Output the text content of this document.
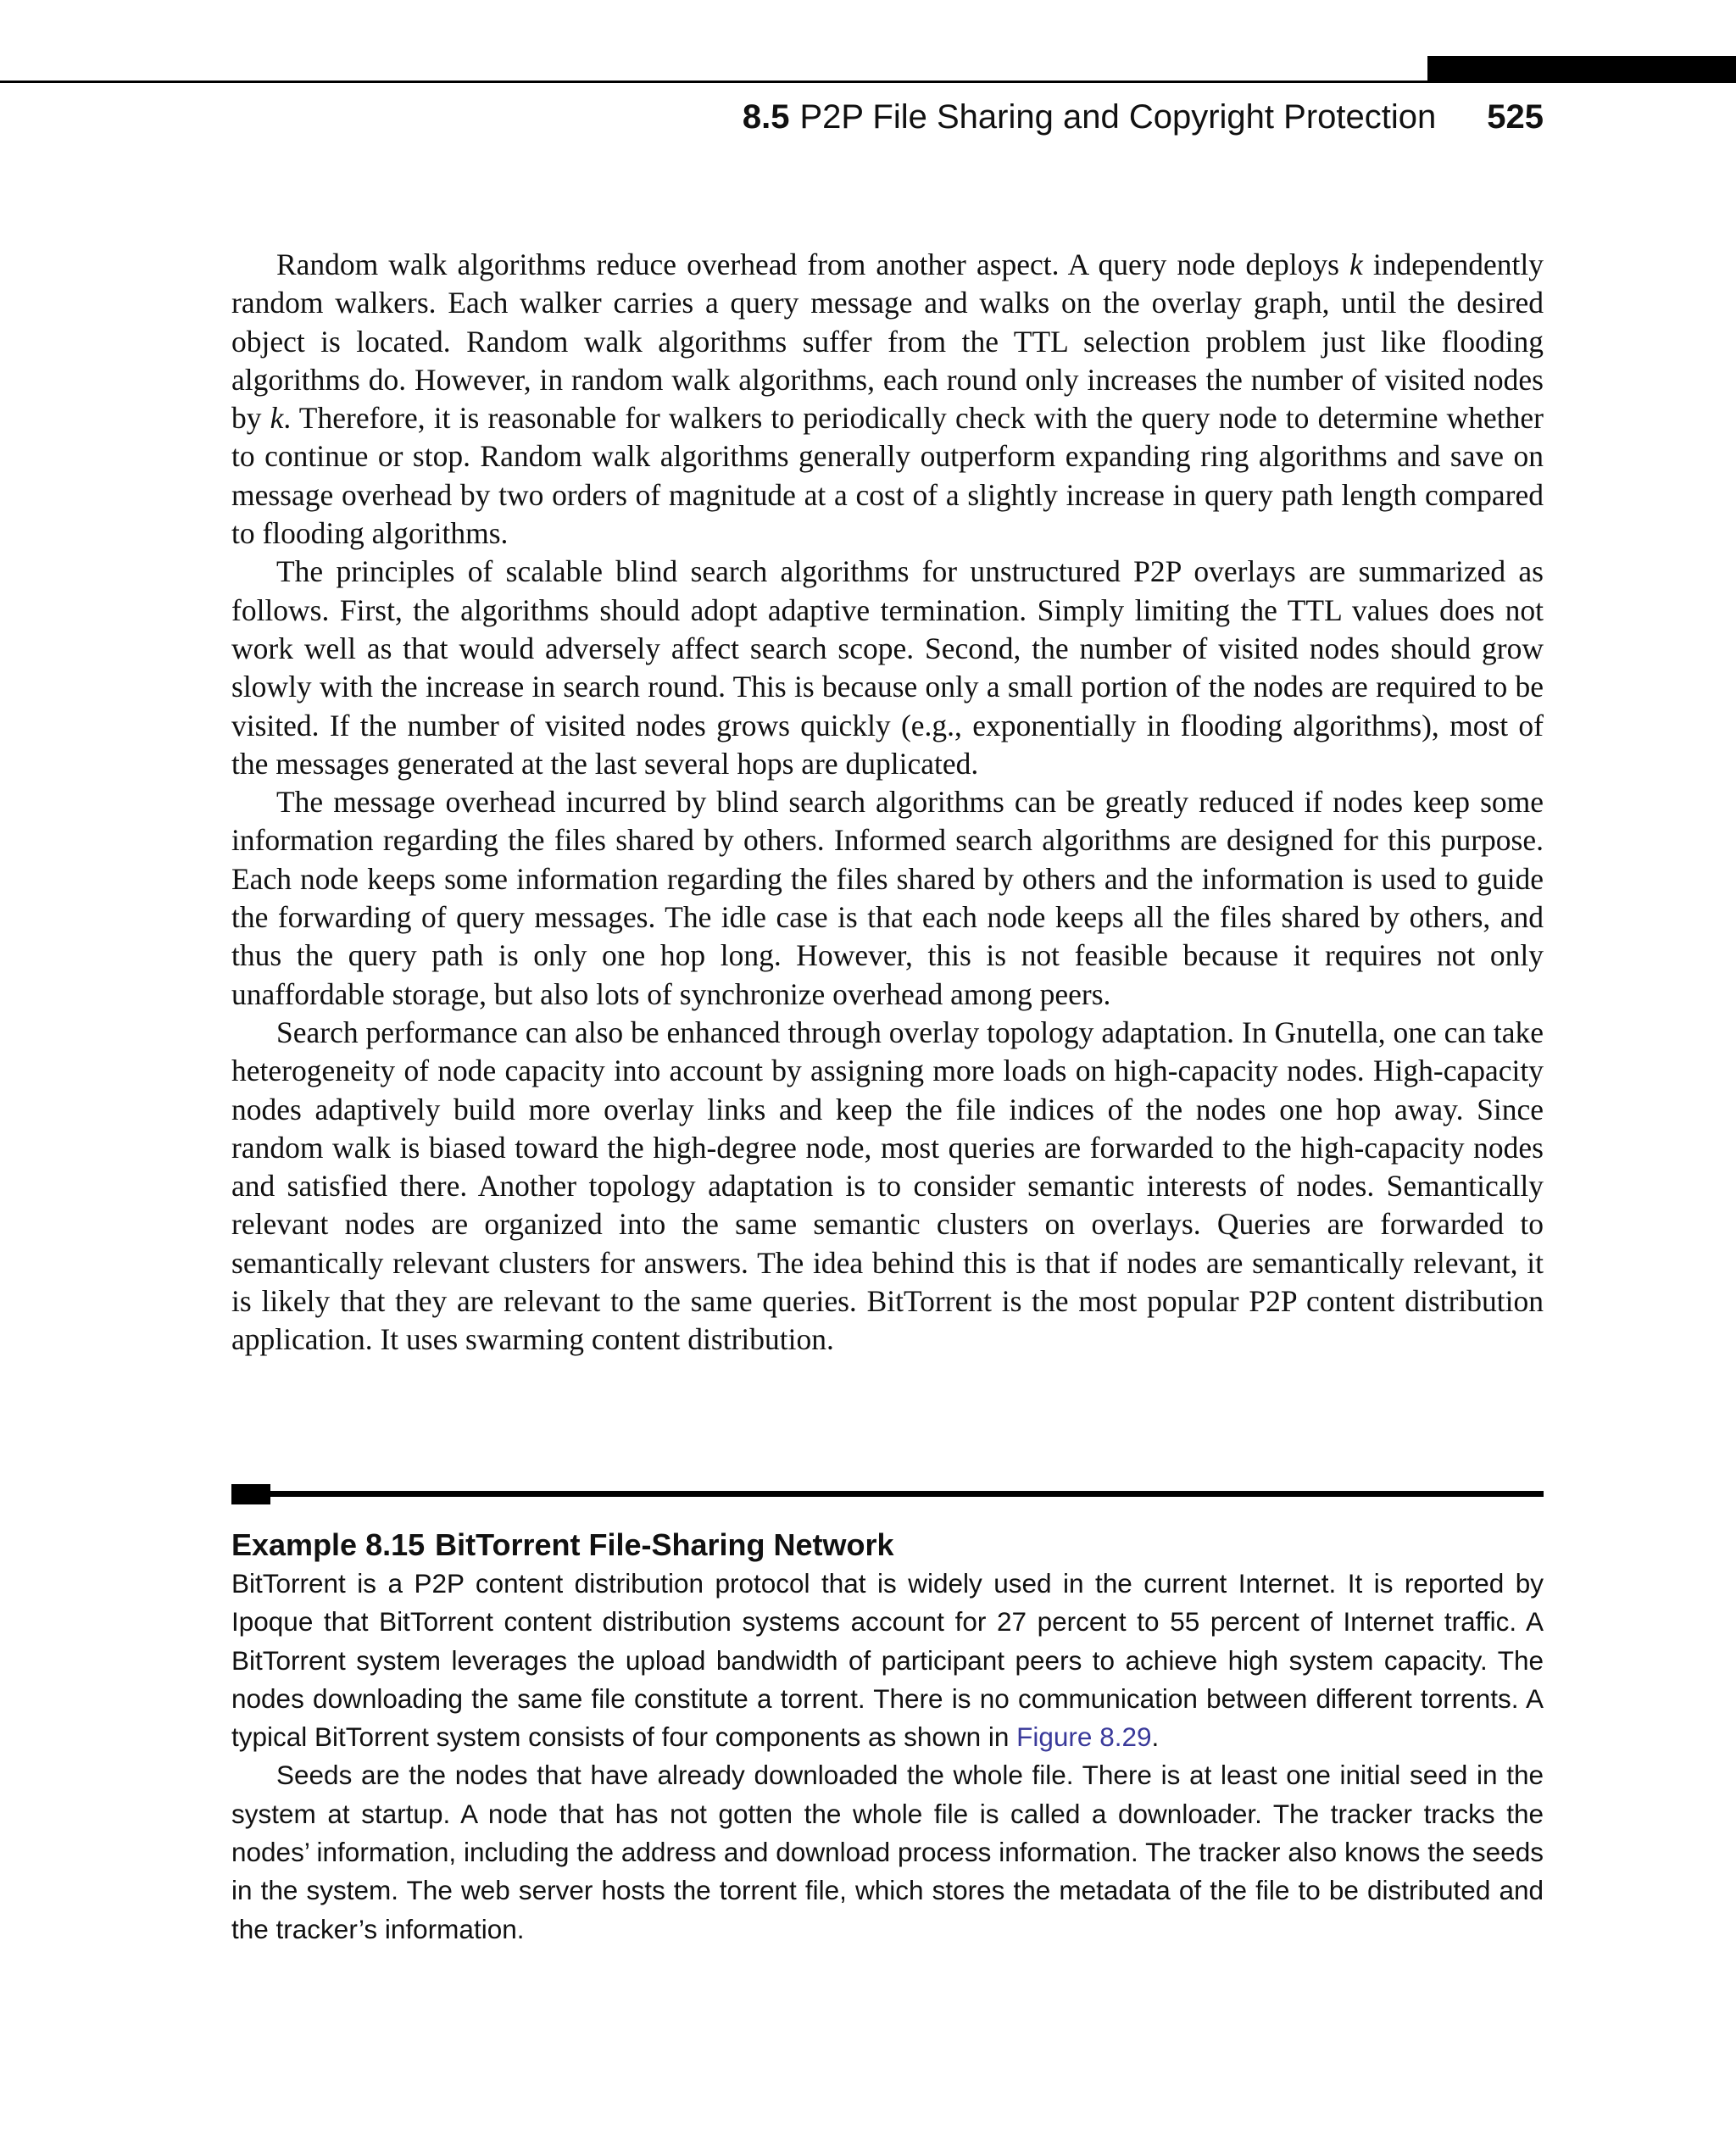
8.5 P2P File Sharing and Copyright Protection 525

Random walk algorithms reduce overhead from another aspect. A query node deploys k independently random walkers. Each walker carries a query message and walks on the overlay graph, until the desired object is located. Random walk algorithms suffer from the TTL selection problem just like flooding algorithms do. However, in random walk algorithms, each round only increases the number of visited nodes by k. Therefore, it is reasonable for walkers to periodically check with the query node to determine whether to continue or stop. Random walk algorithms generally outperform expanding ring algorithms and save on message overhead by two orders of magnitude at a cost of a slightly increase in query path length compared to flooding algorithms.

The principles of scalable blind search algorithms for unstructured P2P overlays are summarized as follows. First, the algorithms should adopt adaptive termination. Simply limiting the TTL values does not work well as that would adversely affect search scope. Second, the number of visited nodes should grow slowly with the increase in search round. This is because only a small portion of the nodes are required to be visited. If the number of visited nodes grows quickly (e.g., exponentially in flooding algorithms), most of the messages generated at the last several hops are duplicated.

The message overhead incurred by blind search algorithms can be greatly reduced if nodes keep some information regarding the files shared by others. Informed search algorithms are designed for this purpose. Each node keeps some information regarding the files shared by others and the information is used to guide the forwarding of query messages. The idle case is that each node keeps all the files shared by others, and thus the query path is only one hop long. However, this is not feasible because it requires not only unaffordable storage, but also lots of synchronize overhead among peers.

Search performance can also be enhanced through overlay topology adaptation. In Gnutella, one can take heterogeneity of node capacity into account by assigning more loads on high-capacity nodes. High-capacity nodes adaptively build more overlay links and keep the file indices of the nodes one hop away. Since random walk is biased toward the high-degree node, most queries are forwarded to the high-capacity nodes and satisfied there. Another topology adaptation is to consider semantic interests of nodes. Semantically relevant nodes are organized into the same semantic clusters on overlays. Queries are forwarded to semantically relevant clusters for answers. The idea behind this is that if nodes are semantically relevant, it is likely that they are relevant to the same queries. BitTorrent is the most popular P2P content distribution application. It uses swarming content distribution.

Example 8.15 BitTorrent File-Sharing Network

BitTorrent is a P2P content distribution protocol that is widely used in the current Internet. It is reported by Ipoque that BitTorrent content distribution systems account for 27 percent to 55 percent of Internet traffic. A BitTorrent system leverages the upload bandwidth of participant peers to achieve high system capacity. The nodes downloading the same file constitute a torrent. There is no communication between different torrents. A typical BitTorrent system consists of four components as shown in Figure 8.29.

Seeds are the nodes that have already downloaded the whole file. There is at least one initial seed in the system at startup. A node that has not gotten the whole file is called a downloader. The tracker tracks the nodes’ information, including the address and download process information. The tracker also knows the seeds in the system. The web server hosts the torrent file, which stores the metadata of the file to be distributed and the tracker’s information.
